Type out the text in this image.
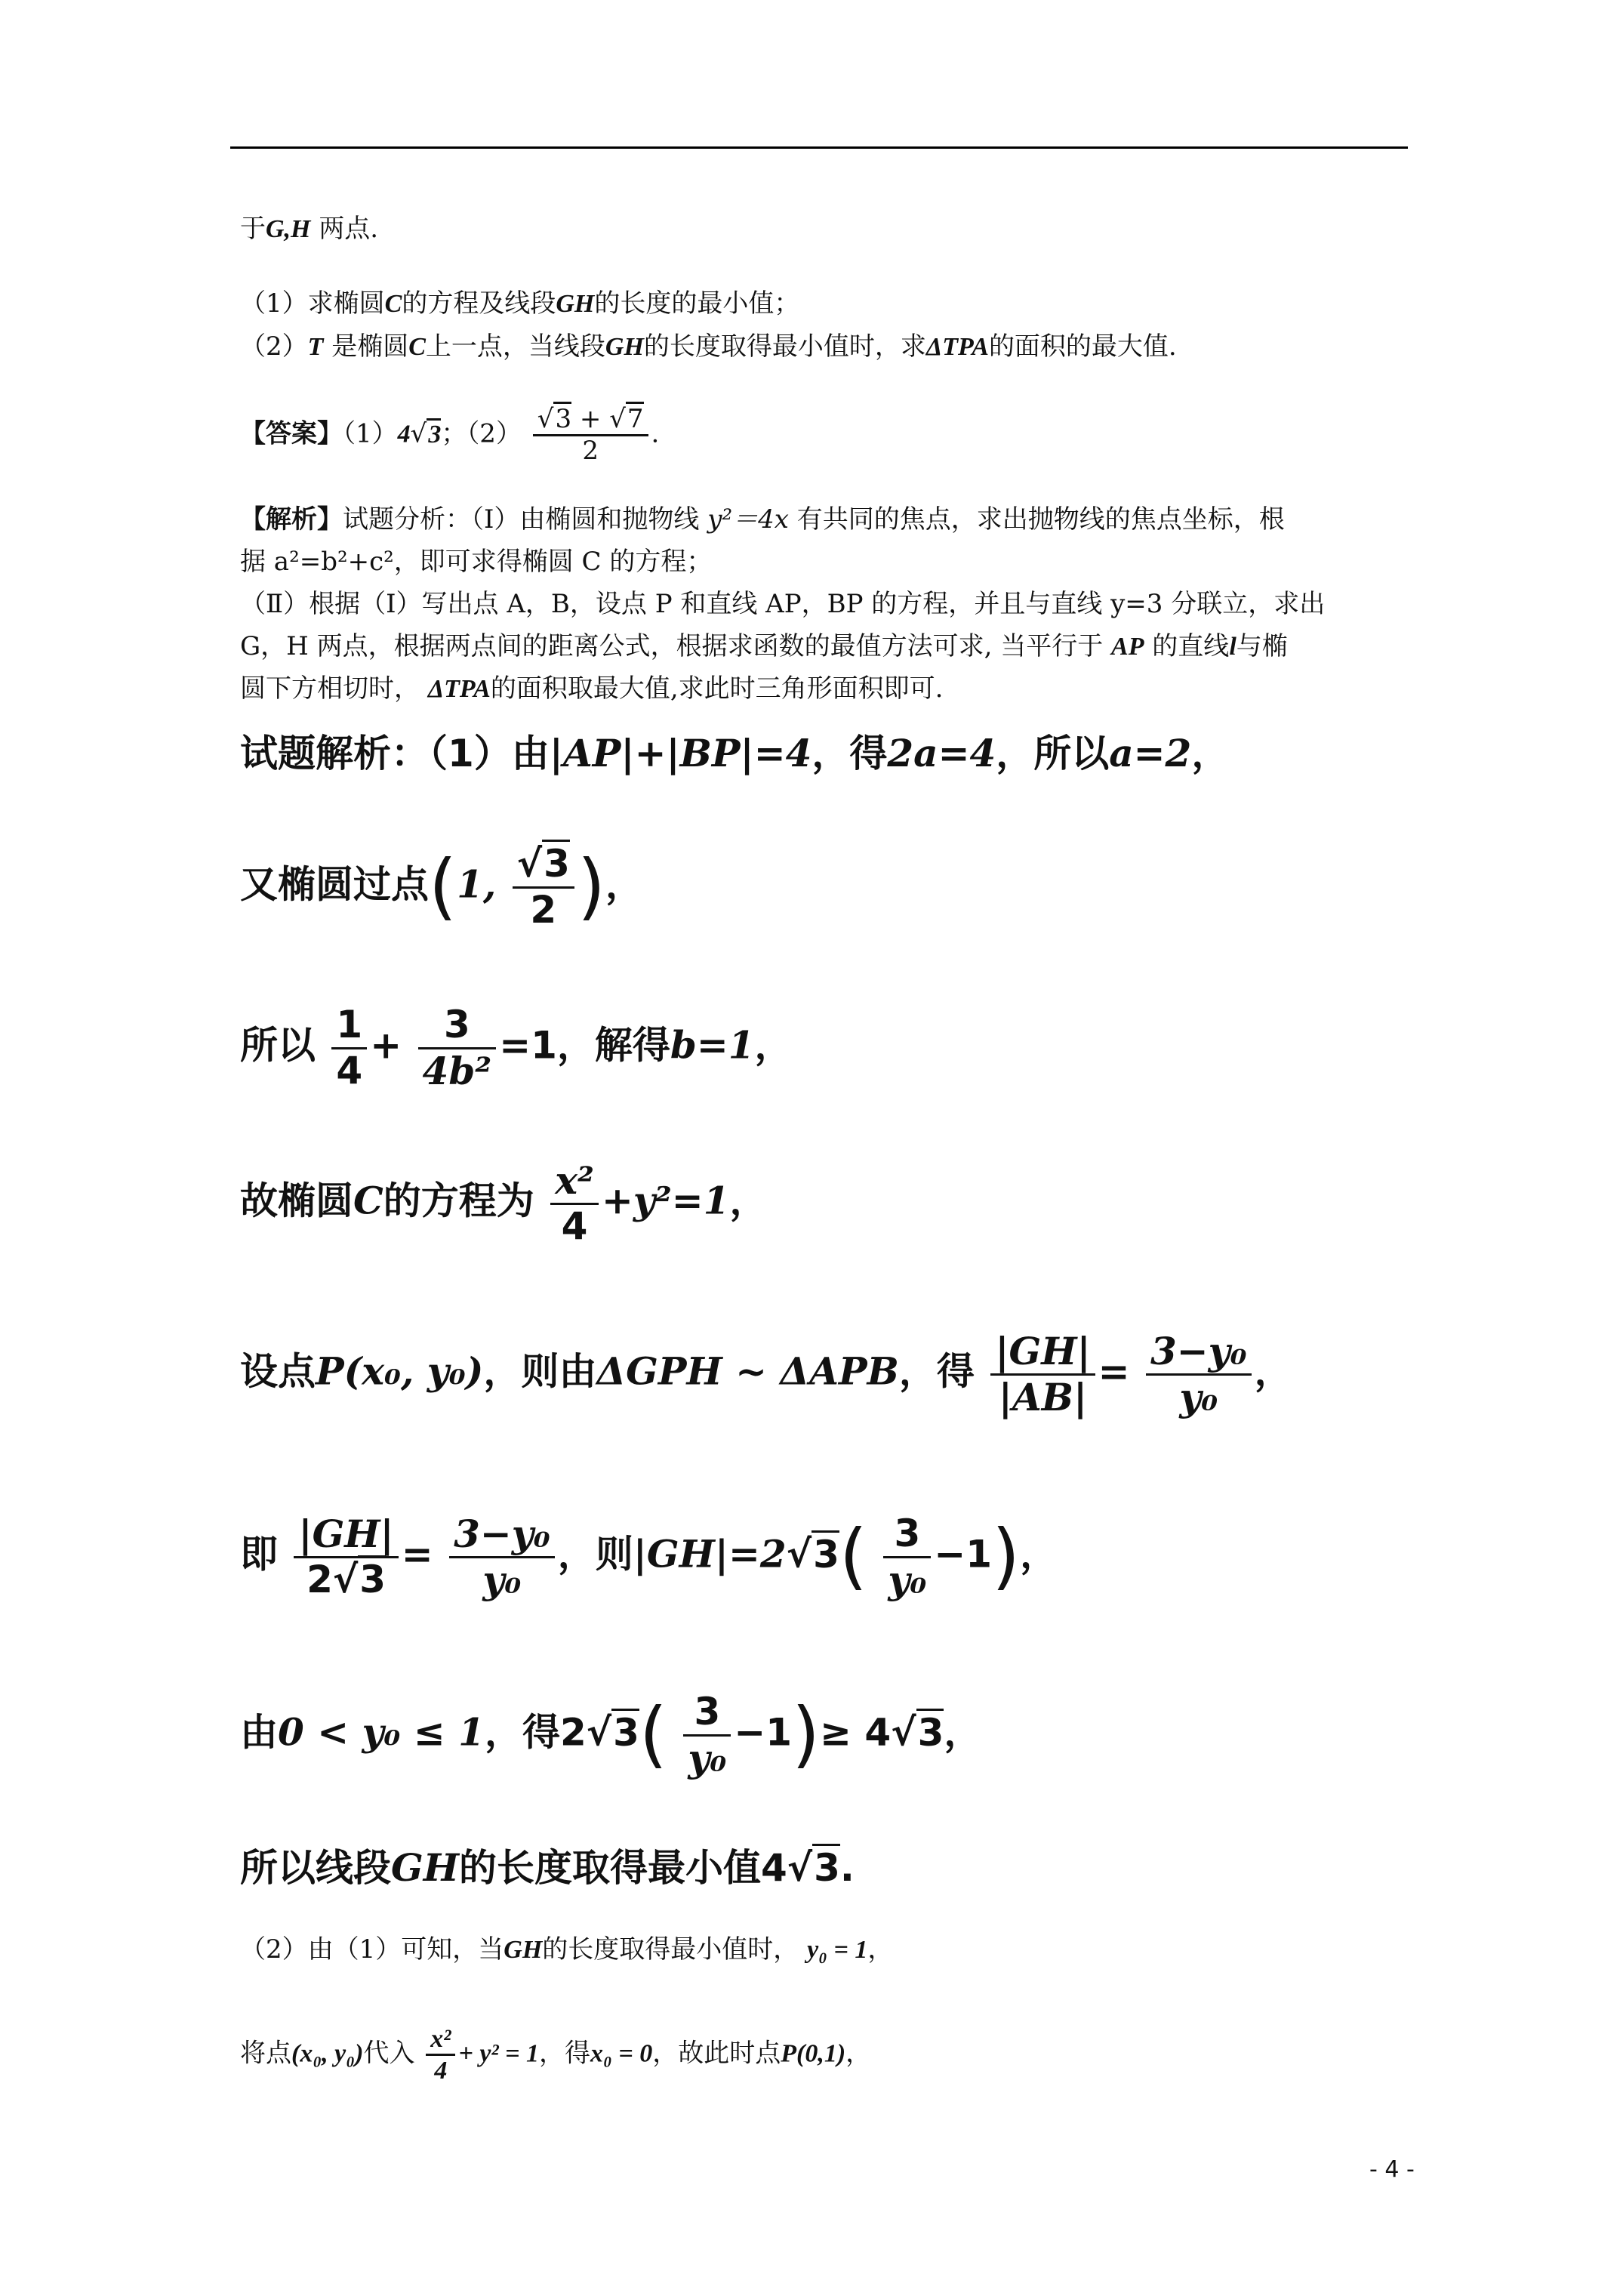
于G,H 两点.
（1）求椭圆C的方程及线段GH的长度的最小值；
（2）T 是椭圆C上一点，当线段GH的长度取得最小值时，求ΔTPA的面积的最大值.
【答案】（1）4√3；$(2) \frac{√3 + √7}{2}$ .
【解析】试题分析：（Ⅰ）由椭圆和抛物线 y²＝4x 有共同的焦点，求出抛物线的焦点坐标，根
据 a²=b²+c²，即可求得椭圆 C 的方程；
（Ⅱ）根据（Ⅰ）写出点 A，B，设点 P 和直线 AP，BP 的方程，并且与直线 y=3 分联立，求出
G，H 两点，根据两点间的距离公式，根据求函数的最值方法可求, 当平行于 AP 的直线l与椭
圆下方相切时， ΔTPA的面积取最大值,求此时三角形面积即可.
试题解析：（1）由|AP|+|BP|=4，得2a=4，所以a=2，
又椭圆过点(1, $\frac{√3}{2}$ )，
所以 $\frac{1}{4} + \frac{3}{\text{4b²}} =1$，解得b=1，
故椭圆C的方程为 $\frac{\text{x²}}{4} +y^2=1$，
设点P(x₀, y₀)，则由ΔGPH ~ ΔAPB，得 $\frac{|GH|}{|AB|} = \frac{\text{3−y₀}}{\text{y₀}}$ ，
即 $\frac{|GH|}{2√3} = \frac{\text{3−y₀}}{\text{y₀}}$ ，则$|GH|=2√3( \frac{3}{\text{y₀}} -1)$，
由0 < y₀ ≤ 1，得$2√3( \frac{3}{\text{y₀}} -1)\ge 4√3$，
所以线段GH的长度取得最小值4√3.
（2）由（1）可知，当GH的长度取得最小值时， y₀ = 1，
将点(x₀, y₀)代入 $\frac{\text{x²}}{4} + y^2 = 1$，得x₀ = 0，故此时点P(0,1)，
- 4 -
